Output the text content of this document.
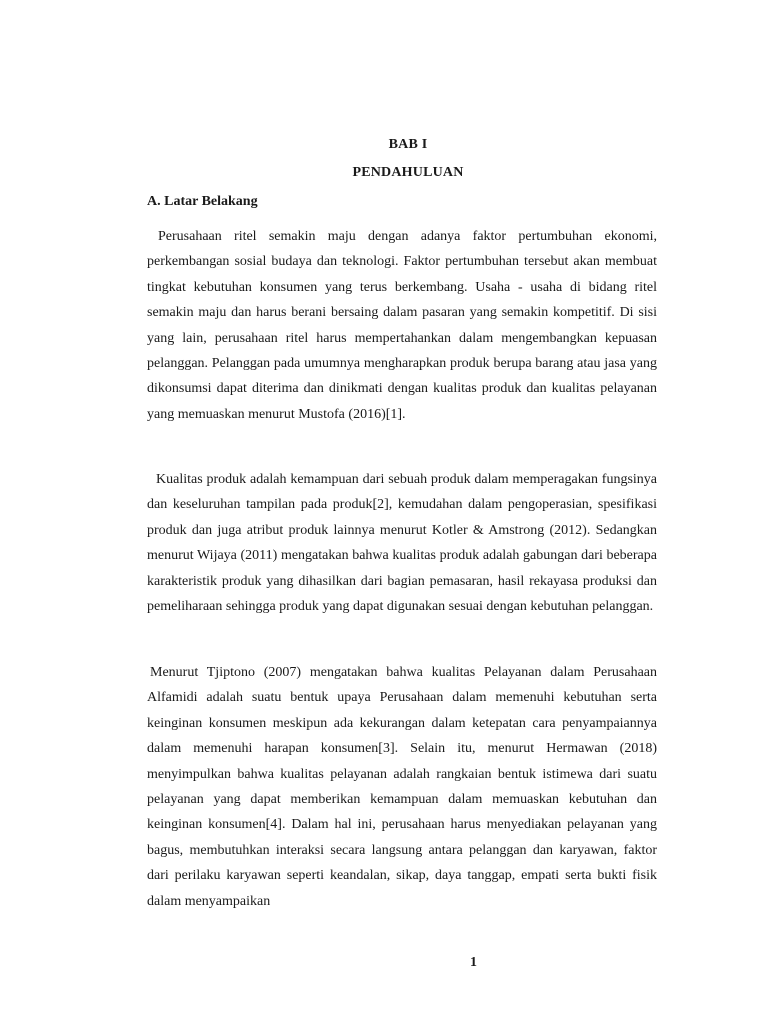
BAB I
PENDAHULUAN
A. Latar Belakang

Perusahaan ritel semakin maju dengan adanya faktor pertumbuhan ekonomi, perkembangan sosial budaya dan teknologi. Faktor pertumbuhan tersebut akan membuat tingkat kebutuhan konsumen yang terus berkembang. Usaha - usaha di bidang ritel semakin maju dan harus berani bersaing dalam pasaran yang semakin kompetitif. Di sisi yang lain, perusahaan ritel harus mempertahankan dalam mengembangkan kepuasan pelanggan. Pelanggan pada umumnya mengharapkan produk berupa barang atau jasa yang dikonsumsi dapat diterima dan dinikmati dengan kualitas produk dan kualitas pelayanan yang memuaskan menurut Mustofa (2016)[1].

Kualitas produk adalah kemampuan dari sebuah produk dalam memperagakan fungsinya dan keseluruhan tampilan pada produk[2], kemudahan dalam pengoperasian, spesifikasi produk dan juga atribut produk lainnya menurut Kotler & Amstrong (2012). Sedangkan menurut Wijaya (2011) mengatakan bahwa kualitas produk adalah gabungan dari beberapa karakteristik produk yang dihasilkan dari bagian pemasaran, hasil rekayasa produksi dan pemeliharaan sehingga produk yang dapat digunakan sesuai dengan kebutuhan pelanggan.

Menurut Tjiptono (2007) mengatakan bahwa kualitas Pelayanan dalam Perusahaan Alfamidi adalah suatu bentuk upaya Perusahaan dalam memenuhi kebutuhan serta keinginan konsumen meskipun ada kekurangan dalam ketepatan cara penyampaiannya dalam memenuhi harapan konsumen[3]. Selain itu, menurut Hermawan (2018) menyimpulkan bahwa kualitas pelayanan adalah rangkaian bentuk istimewa dari suatu pelayanan yang dapat memberikan kemampuan dalam memuaskan kebutuhan dan keinginan konsumen[4]. Dalam hal ini, perusahaan harus menyediakan pelayanan yang bagus, membutuhkan interaksi secara langsung antara pelanggan dan karyawan, faktor dari perilaku karyawan seperti keandalan, sikap, daya tanggap, empati serta bukti fisik dalam menyampaikan

1
